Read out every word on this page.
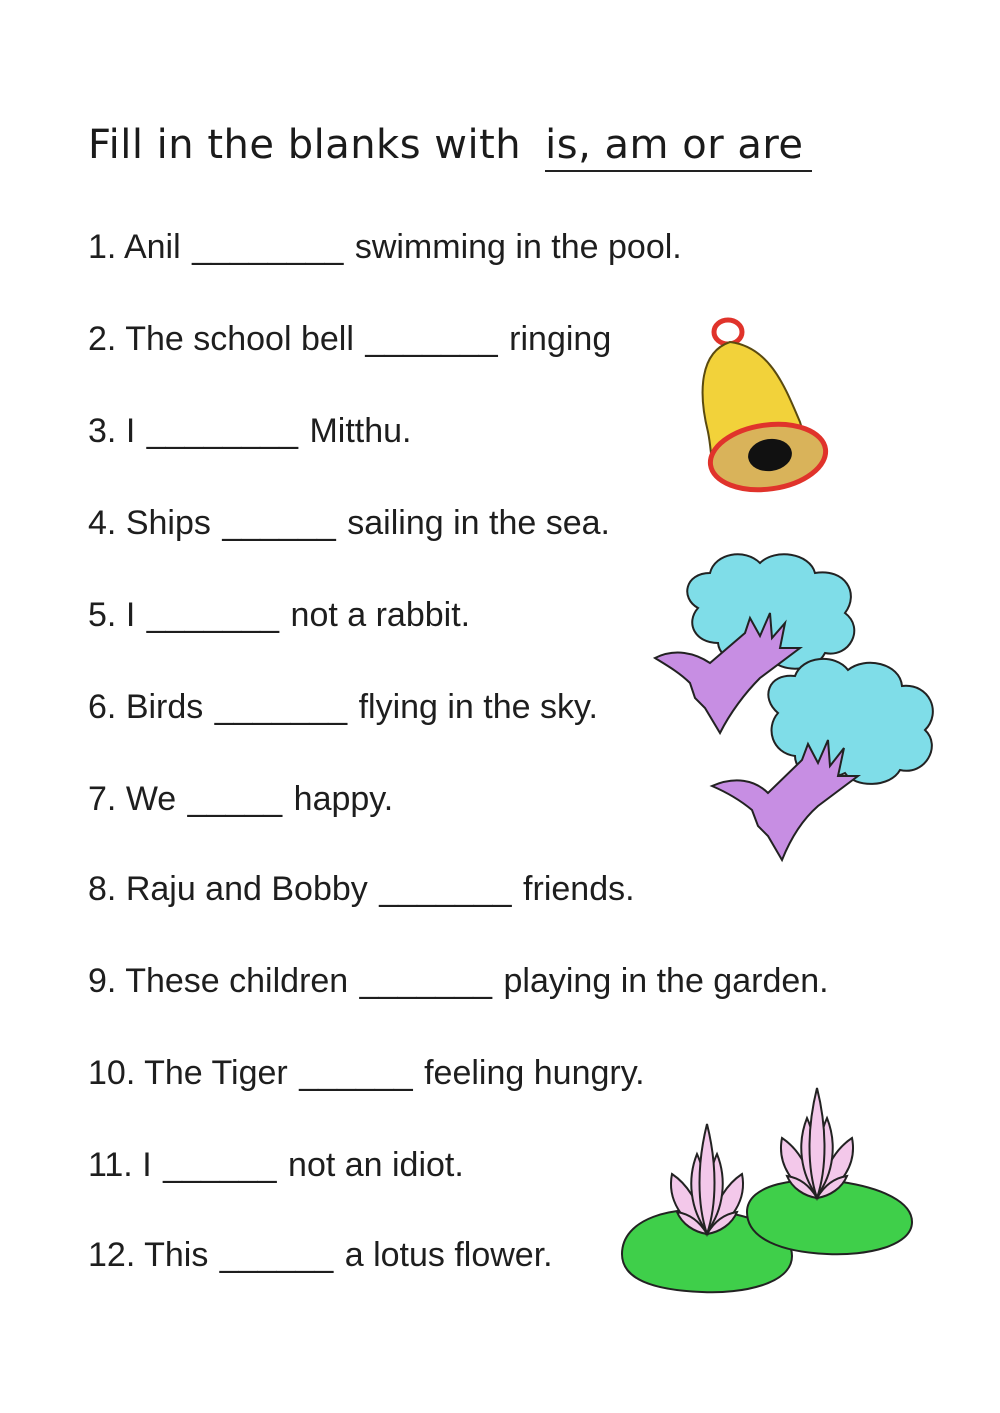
Fill in the blanks with is, am or are
1. Anil ________ swimming in the pool.
2. The school bell _______ ringing
3. I ________ Mitthu.
4. Ships ______ sailing in the sea.
5. I _______ not a rabbit.
6. Birds _______ flying in the sky.
7. We _____ happy.
8. Raju and Bobby _______ friends.
9. These children _______ playing in the garden.
10. The Tiger ______ feeling hungry.
11. I ______ not an idiot.
12. This ______ a lotus flower.
